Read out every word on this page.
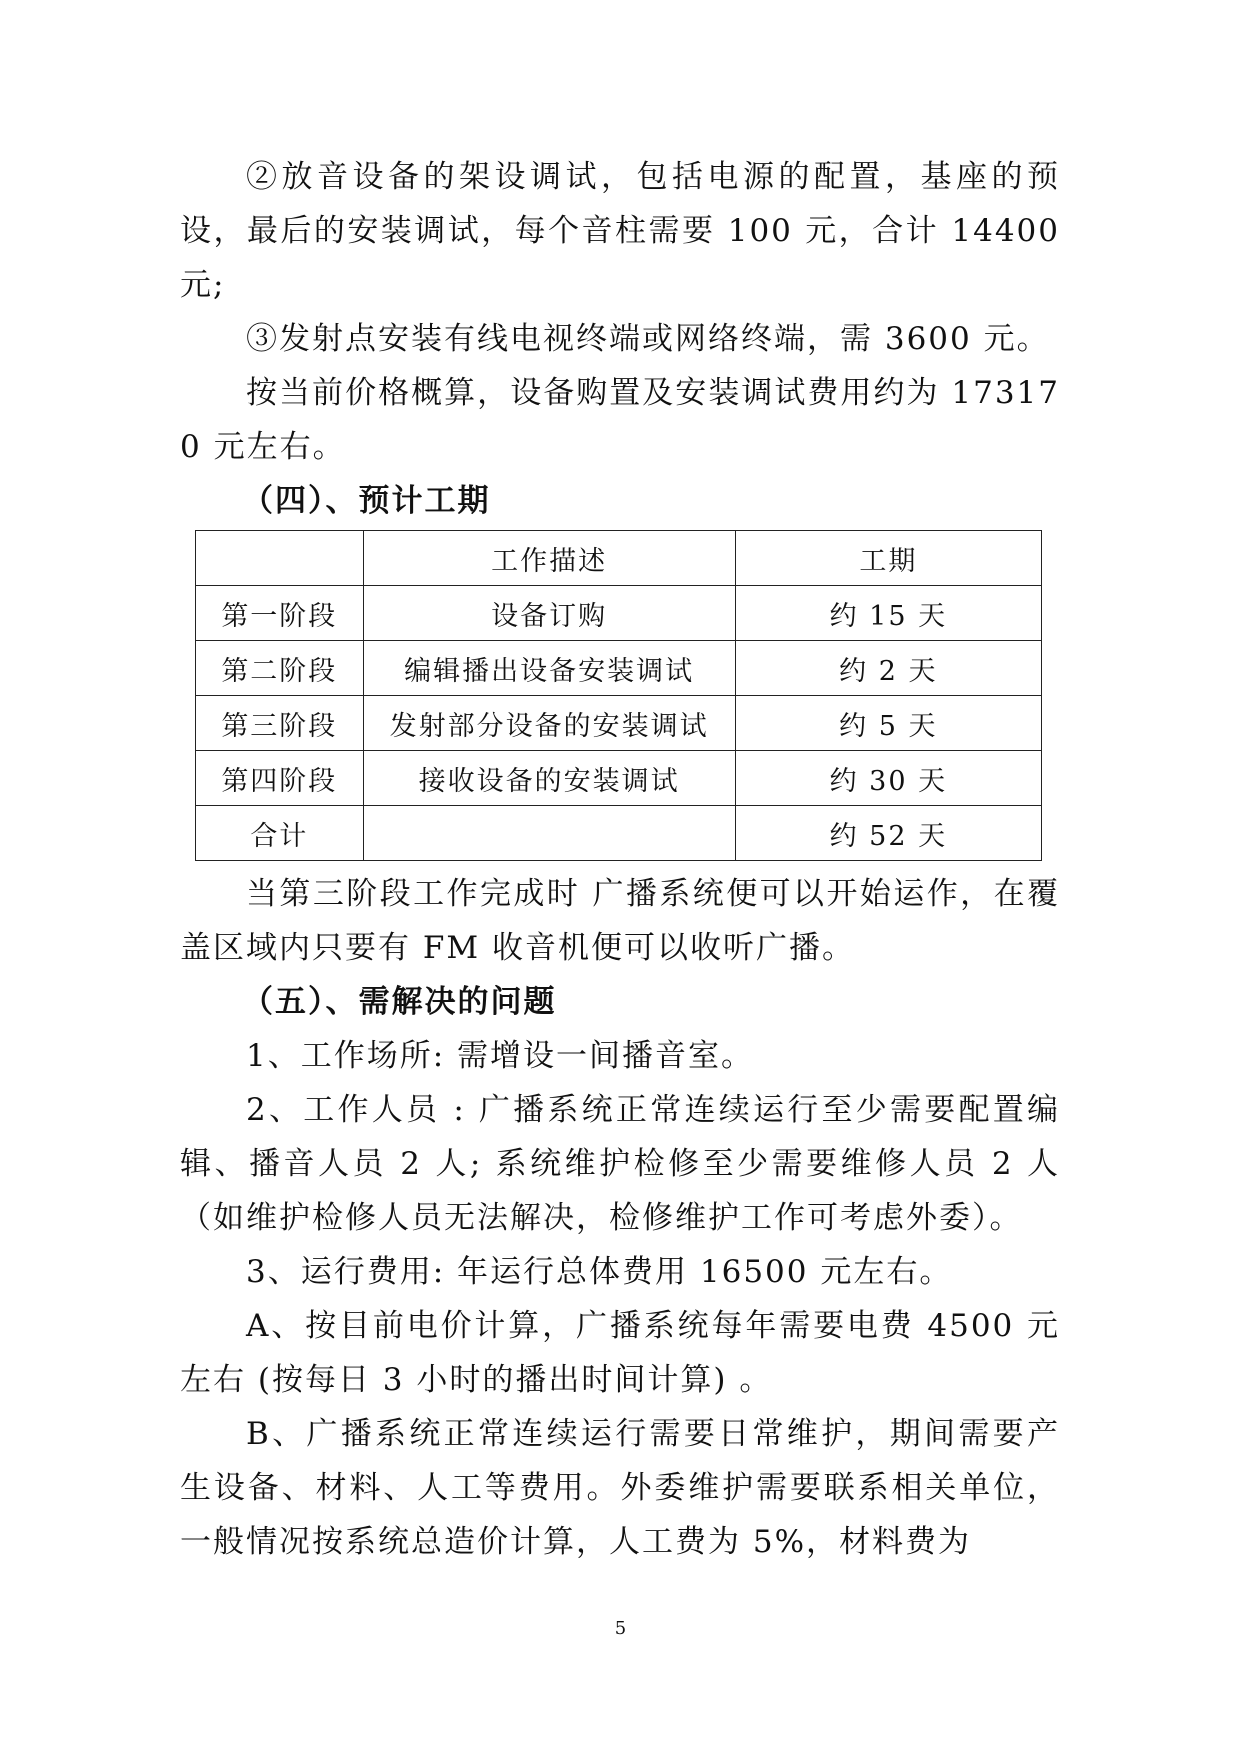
②放音设备的架设调试，包括电源的配置，基座的预设，最后的安装调试，每个音柱需要 100 元，合计 14400 元;

③发射点安装有线电视终端或网络终端，需 3600 元。

按当前价格概算，设备购置及安装调试费用约为 173170 元左右。

（四）、预计工期
	工作描述	工期
第一阶段	设备订购	约 15 天
第二阶段	编辑播出设备安装调试	约 2 天
第三阶段	发射部分设备的安装调试	约 5 天
第四阶段	接收设备的安装调试	约 30 天
合计		约 52 天

当第三阶段工作完成时 广播系统便可以开始运作，在覆盖区域内只要有 FM 收音机便可以收听广播。

（五）、需解决的问题

1、工作场所: 需增设一间播音室。

2、工作人员 : 广播系统正常连续运行至少需要配置编辑、播音人员 2 人; 系统维护检修至少需要维修人员 2 人（如维护检修人员无法解决，检修维护工作可考虑外委）。

3、运行费用: 年运行总体费用 16500 元左右。

A、按目前电价计算，广播系统每年需要电费 4500 元左右 (按每日 3 小时的播出时间计算) 。

B、广播系统正常连续运行需要日常维护，期间需要产生设备、材料、人工等费用。外委维护需要联系相关单位，一般情况按系统总造价计算，人工费为 5%，材料费为

5
